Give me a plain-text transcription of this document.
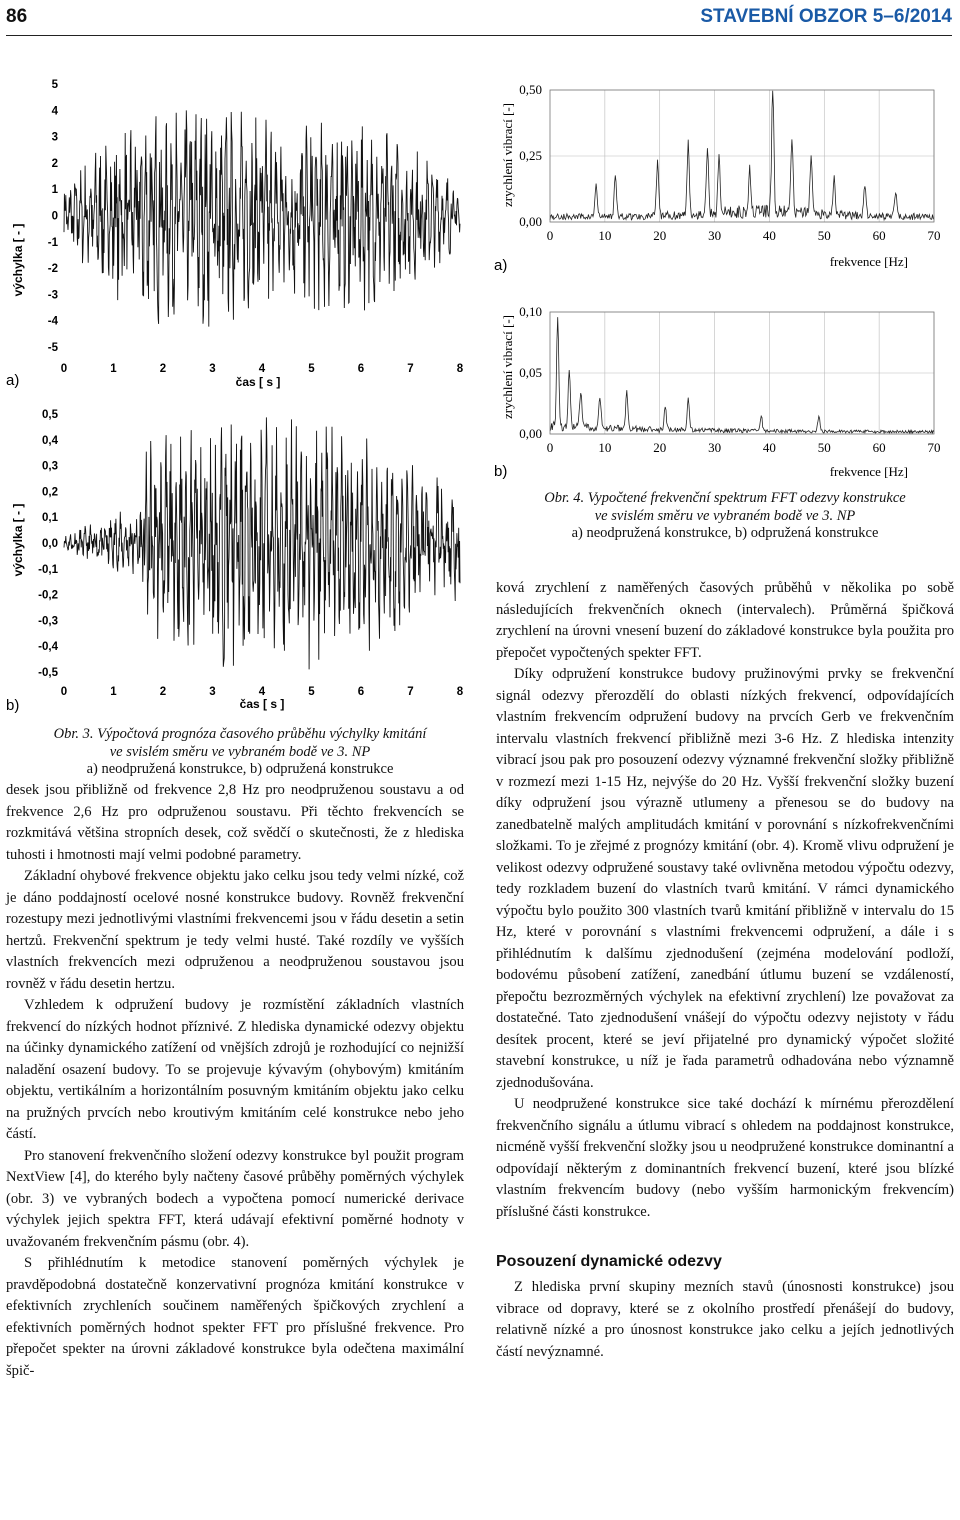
86	STAVEBNÍ OBZOR 5–6/2014
a)
výchylka [ - ]
5
4
3
2
1
0
-1
-2
-3
-4
-5
0	1	2	3	4	5	6	7	8
čas [ s ]
b)
výchylka [ - ]
0,5
0,4
0,3
0,2
0,1
0,0
-0,1
-0,2
-0,3
-0,4
-0,5
0	1	2	3	4	5	6	7	8
čas [ s ]
Obr. 3. Výpočtová prognóza časového průběhu výchylky kmitání
ve svislém směru ve vybraném bodě ve 3. NP
a) neodpružená konstrukce, b) odpružená konstrukce
a)
zrychlení vibrací [-]
0,50
0,25
0,00
0	10	20	30	40	50	60	70
frekvence [Hz]
b)
zrychlení vibrací [-]
0,10
0,05
0,00
0	10	20	30	40	50	60	70
frekvence [Hz]
Obr. 4. Vypočtené frekvenční spektrum FFT odezvy konstrukce
ve svislém směru ve vybraném bodě ve 3. NP
a) neodpružená konstrukce, b) odpružená konstrukce

desek jsou přibližně od frekvence 2,8 Hz pro neodpruženou soustavu a od frekvence 2,6 Hz pro odpruženou soustavu. Při těchto frekvencích se rozkmitává většina stropních desek, což svědčí o skutečnosti, že z hlediska tuhosti i hmotnosti mají velmi podobné parametry.

Základní ohybové frekvence objektu jako celku jsou tedy velmi nízké, což je dáno poddajností ocelové nosné konstrukce budovy. Rovněž frekvenční rozestupy mezi jednotlivými vlastními frekvencemi jsou v řádu desetin a setin hertzů. Frekvenční spektrum je tedy velmi husté. Také rozdíly ve vyšších vlastních frekvencích mezi odpruženou a neodpruženou soustavou jsou rovněž v řádu desetin hertzu.

Vzhledem k odpružení budovy je rozmístění základních vlastních frekvencí do nízkých hodnot příznivé. Z hlediska dynamické odezvy objektu na účinky dynamického zatížení od vnějších zdrojů je rozhodující co nejnižší naladění osazení budovy. To se projevuje kývavým (ohybovým) kmitáním objektu, vertikálním a horizontálním posuvným kmitáním objektu jako celku na pružných prvcích nebo kroutivým kmitáním celé konstrukce nebo jeho částí.

Pro stanovení frekvenčního složení odezvy konstrukce byl použit program NextView [4], do kterého byly načteny časové průběhy poměrných výchylek (obr. 3) ve vybraných bodech a vypočtena pomocí numerické derivace výchylek jejich spektra FFT, která udávají efektivní poměrné hodnoty v uvažovaném frekvenčním pásmu (obr. 4).

S přihlédnutím k metodice stanovení poměrných výchylek je pravděpodobná dostatečně konzervativní prognóza kmitání konstrukce v efektivních zrychleních součinem naměřených špičkových zrychlení a efektivních poměrných hodnot spekter FFT pro příslušné frekvence. Pro přepočet spekter na úrovni základové konstrukce byla odečtena maximální špič-

ková zrychlení z naměřených časových průběhů v několika po sobě následujících frekvenčních oknech (intervalech). Průměrná špičková zrychlení na úrovni vnesení buzení do základové konstrukce byla použita pro přepočet vypočtených spekter FFT.

Díky odpružení konstrukce budovy pružinovými prvky se frekvenční signál odezvy přerozdělí do oblasti nízkých frekvencí, odpovídajících vlastním frekvencím odpružení budovy na prvcích Gerb ve frekvenčním intervalu vlastních frekvencí přibližně mezi 3-6 Hz. Z hlediska intenzity vibrací jsou pak pro posouzení odezvy významné frekvenční složky přibližně v rozmezí mezi 1-15 Hz, nejvýše do 20 Hz. Vyšší frekvenční složky buzení díky odpružení jsou výrazně utlumeny a přenesou se do budovy na zanedbatelně malých amplitudách kmitání v porovnání s nízkofrekvenčními složkami. To je zřejmé z prognózy kmitání (obr. 4). Kromě vlivu odpružení je velikost odezvy odpružené soustavy také ovlivněna metodou výpočtu odezvy, tedy rozkladem buzení do vlastních tvarů kmitání. V rámci dynamického výpočtu bylo použito 300 vlastních tvarů kmitání přibližně v intervalu do 15 Hz, které v porovnání s vlastními frekvencemi odpružení, a dále i s přihlédnutím k dalšímu zjednodušení (zejména modelování podloží, bodovému působení zatížení, zanedbání útlumu buzení se vzdáleností, přepočtu bezrozměrných výchylek na efektivní zrychlení) lze považovat za dostatečné. Tato zjednodušení vnášejí do výpočtu odezvy nejistoty v řádu desítek procent, které se jeví přijatelné pro dynamický výpočet složité stavební konstrukce, u níž je řada parametrů odhadována nebo významně zjednodušována.

U neodpružené konstrukce sice také dochází k mírnému přerozdělení frekvenčního signálu a útlumu vibrací s ohledem na poddajnost konstrukce, nicméně vyšší frekvenční složky jsou u neodpružené konstrukce dominantní a odpovídají některým z dominantních frekvencí buzení, které jsou blízké vlastním frekvencím budovy (nebo vyšším harmonickým frekvencím) příslušné části konstrukce.

Posouzení dynamické odezvy

Z hlediska první skupiny mezních stavů (únosnosti konstrukce) jsou vibrace od dopravy, které se z okolního prostředí přenášejí do budovy, relativně nízké a pro únosnost konstrukce jako celku a jejích jednotlivých částí nevýznamné.
